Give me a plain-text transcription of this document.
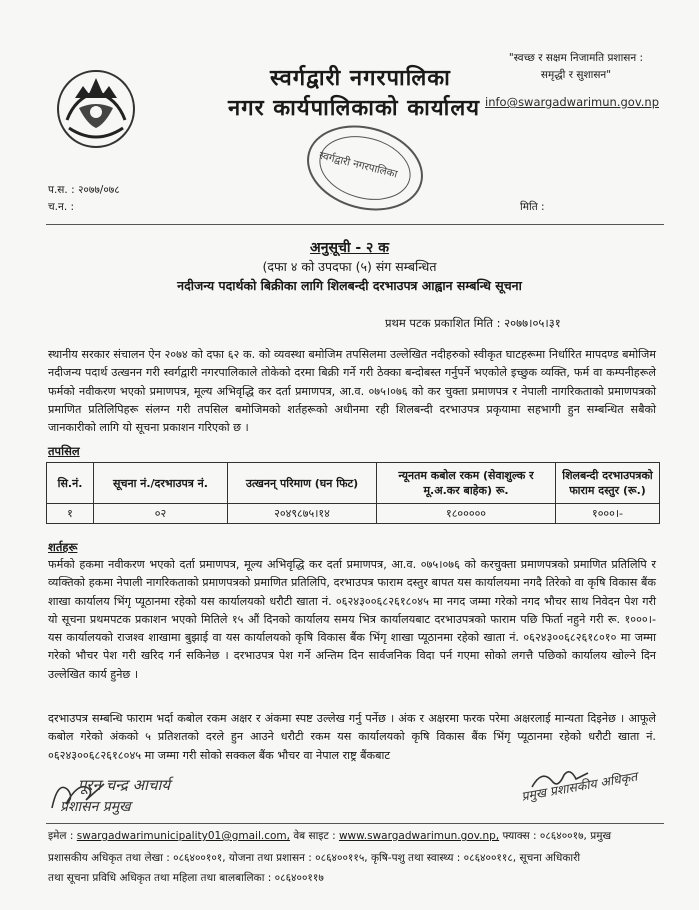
स्वर्गद्वारी नगरपालिका
नगर कार्यपालिकाको कार्यालय
"स्वच्छ र सक्षम निजामति प्रशासन :
समृद्धी र सुशासन"
info@swargadwarimun.gov.np
स्वर्गद्वारी नगरपालिका
प.स. : २०७७/०७८
च.न. :	मिति :
अनुसूची - २ क
(दफा ४ को उपदफा (५) संग सम्बन्धित
नदीजन्य पदार्थको बिक्रीका लागि शिलबन्दी दरभाउपत्र आह्वान सम्बन्धि सूचना
प्रथम पटक प्रकाशित मिति : २०७७।०५।३१
स्थानीय सरकार संचालन ऐन २०७४ को दफा ६२ क. को व्यवस्था बमोजिम तपसिलमा उल्लेखित नदीहरुको स्वीकृत घाटहरूमा निर्धारित मापदण्ड बमोजिम नदीजन्य पदार्थ उत्खनन गरी स्वर्गद्वारी नगरपालिकाले तोकेको दरमा बिक्री गर्ने गरी ठेक्का बन्दोबस्त गर्नुपर्ने भएकोले इच्छुक व्यक्ति, फर्म वा कम्पनीहरूले फर्मको नवीकरण भएको प्रमाणपत्र, मूल्य अभिवृद्धि कर दर्ता प्रमाणपत्र, आ.व. ०७५।०७६ को कर चुक्ता प्रमाणपत्र र नेपाली नागरिकताको प्रमाणपत्रको प्रमाणित प्रतिलिपिहरू संलग्न गरी तपसिल बमोजिमको शर्तहरूको अधीनमा रही शिलबन्दी दरभाउपत्र प्रकृयामा सहभागी हुन सम्बन्धित सबैको जानकारीको लागि यो सूचना प्रकाशन गरिएको छ ।
तपसिल
सि.नं.	सूचना नं./दरभाउपत्र नं.	उत्खनन् परिमाण (घन फिट)	न्यूनतम कबोल रकम (सेवाशुल्क र मू.अ.कर बाहेक) रू.	शिलबन्दी दरभाउपत्रको फाराम दस्तुर (रू.)
१	०२	२०४९८७५।१४	१८०००००	१०००।-
शर्तहरू
फर्मको हकमा नवीकरण भएको दर्ता प्रमाणपत्र, मूल्य अभिवृद्धि कर दर्ता प्रमाणपत्र, आ.व. ०७५।०७६ को करचुक्ता प्रमाणपत्रको प्रमाणित प्रतिलिपि र व्यक्तिको हकमा नेपाली नागरिकताको प्रमाणपत्रको प्रमाणित प्रतिलिपि, दरभाउपत्र फाराम दस्तुर बापत यस कार्यालयमा नगदै तिरेको वा कृषि विकास बैंक शाखा कार्यालय भिंगृ प्यूठानमा रहेको यस कार्यालयको धरौटी खाता नं. ०६२४३००६८२६१८०४५ मा नगद जम्मा गरेको नगद भौचर साथ निवेदन पेश गरी यो सूचना प्रथमपटक प्रकाशन भएको मितिले १५ औं दिनको कार्यालय समय भित्र कार्यालयबाट दरभाउपत्रको फाराम पछि फिर्ता नहुने गरी रू. १०००।- यस कार्यालयको राजश्व शाखामा बुझाई वा यस कार्यालयको कृषि विकास बैंक भिंगृ शाखा प्यूठानमा रहेको खाता नं. ०६२४३००६८२६१८०१० मा जम्मा गरेको भौचर पेश गरी खरिद गर्न सकिनेछ । दरभाउपत्र पेश गर्ने अन्तिम दिन सार्वजनिक विदा पर्न गएमा सोको लगत्तै पछिको कार्यालय खोल्ने दिन उल्लेखित कार्य हुनेछ ।
दरभाउपत्र सम्बन्धि फाराम भर्दा कबोल रकम अक्षर र अंकमा स्पष्ट उल्लेख गर्नु पर्नेछ । अंक र अक्षरमा फरक परेमा अक्षरलाई मान्यता दिइनेछ । आफूले कबोल गरेको अंकको ५ प्रतिशतको दरले हुन आउने धरौटी रकम यस कार्यालयको कृषि विकास बैंक भिंगृ प्यूठानमा रहेको धरौटी खाता नं. ०६२४३००६८२६१८०४५ मा जम्मा गरी सोको सक्कल बैंक भौचर वा नेपाल राष्ट्र बैंकबाट
पूरन चन्द्र आचार्य
प्रशासन प्रमुख
प्रमुख प्रशासकीय अधिकृत
इमेल : swargadwarimunicipality01@gmail.com, वेब साइट : www.swargadwarimun.gov.np, फ्याक्स : ०८६४००१७, प्रमुख
प्रशासकीय अधिकृत तथा लेखा : ०८६४००१०१, योजना तथा प्रशासन : ०८६४००११५, कृषि-पशु तथा स्वास्थ्य : ०८६४००११८, सूचना अधिकारी
तथा सूचना प्रविधि अधिकृत तथा महिला तथा बालबालिका : ०८६४००११७
